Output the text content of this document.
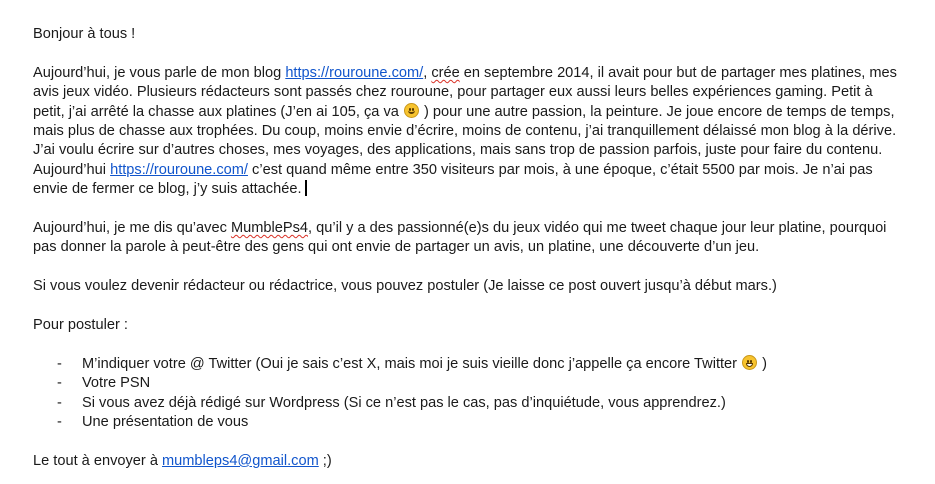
Bonjour à tous !

Aujourd’hui, je vous parle de mon blog https://rouroune.com/, crée en septembre 2014, il avait pour but de partager mes platines, mes avis jeux vidéo. Plusieurs rédacteurs sont passés chez rouroune, pour partager eux aussi leurs belles expériences gaming. Petit à petit, j’ai arrêté la chasse aux platines (J’en ai 105, ça va
) pour une autre passion, la peinture. Je joue encore de temps de temps, mais plus de chasse aux trophées. Du coup, moins envie d’écrire, moins de contenu, j’ai tranquillement délaissé mon blog à la dérive. J’ai voulu écrire sur d’autres choses, mes voyages, des applications, mais sans trop de passion parfois, juste pour faire du contenu. Aujourd’hui https://rouroune.com/ c’est quand même entre 350 visiteurs par mois, à une époque, c’était 5500 par mois. Je n’ai pas envie de fermer ce blog, j’y suis attachée.

Aujourd’hui, je me dis qu’avec MumblePs4, qu’il y a des passionné(e)s du jeux vidéo qui me tweet chaque jour leur platine, pourquoi pas donner la parole à peut-être des gens qui ont envie de partager un avis, un platine, une découverte d’un jeu.

Si vous voulez devenir rédacteur ou rédactrice, vous pouvez postuler (Je laisse ce post ouvert jusqu’à début mars.)

Pour postuler :

- M’indiquer votre @ Twitter (Oui je sais c’est X, mais moi je suis vieille donc j’appelle ça encore Twitter
)
- Votre PSN
- Si vous avez déjà rédigé sur Wordpress (Si ce n’est pas le cas, pas d’inquiétude, vous apprendrez.)
- Une présentation de vous

Le tout à envoyer à mumbleps4@gmail.com ;)
